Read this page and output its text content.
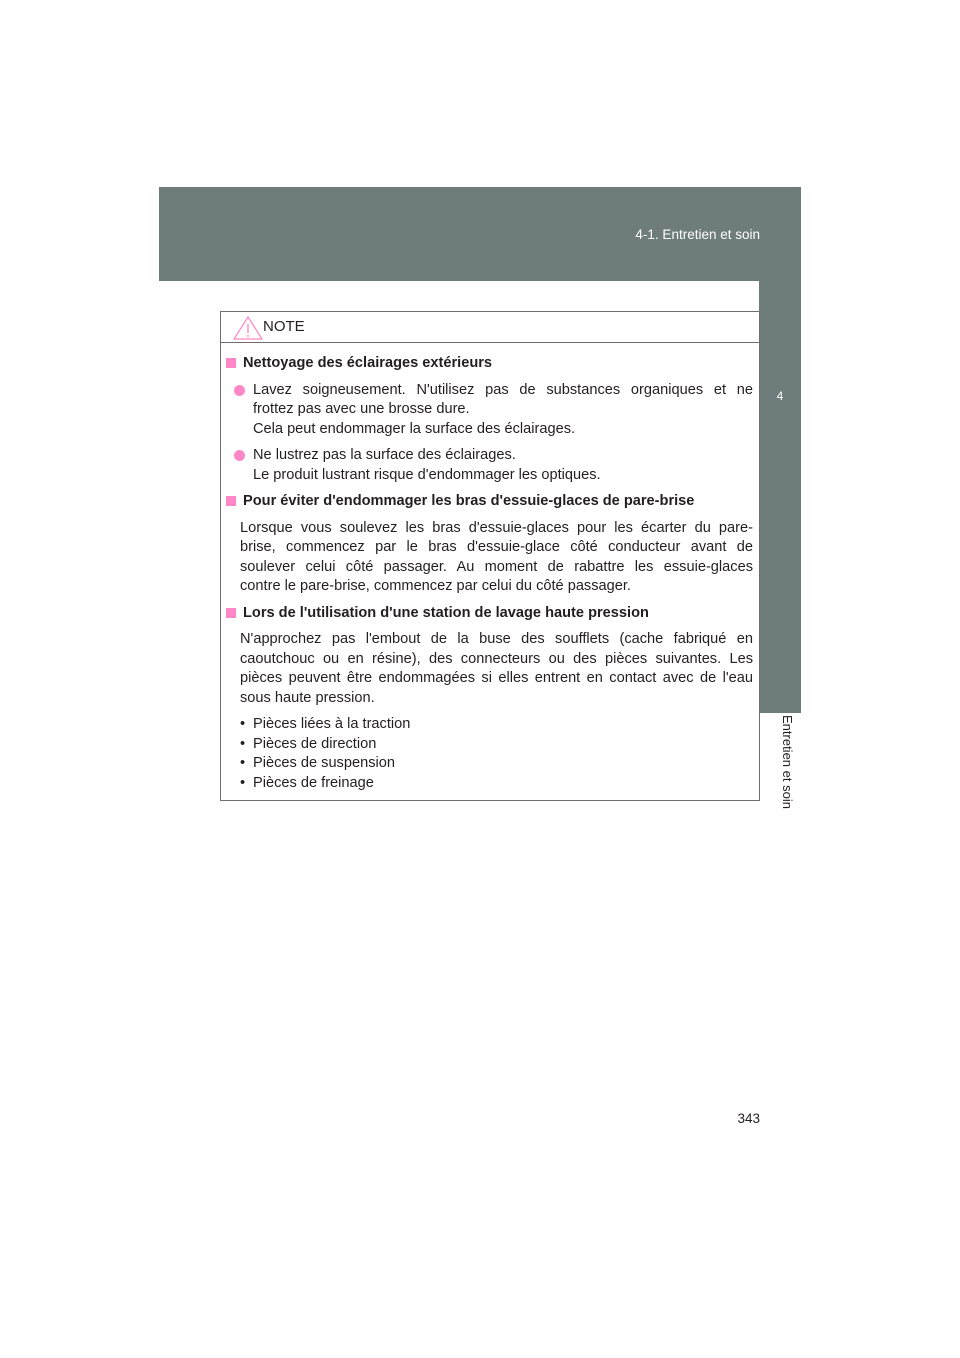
4-1. Entretien et soin
4
Entretien et soin
NOTE
Nettoyage des éclairages extérieurs
Lavez soigneusement. N'utilisez pas de substances organiques et ne
frottez pas avec une brosse dure.
Cela peut endommager la surface des éclairages.
Ne lustrez pas la surface des éclairages.
Le produit lustrant risque d'endommager les optiques.
Pour éviter d'endommager les bras d'essuie-glaces de pare-brise
Lorsque vous soulevez les bras d'essuie-glaces pour les écarter du pare-
brise, commencez par le bras d'essuie-glace côté conducteur avant de
soulever celui côté passager. Au moment de rabattre les essuie-glaces
contre le pare-brise, commencez par celui du côté passager.
Lors de l'utilisation d'une station de lavage haute pression
N'approchez pas l'embout de la buse des soufflets (cache fabriqué en
caoutchouc ou en résine), des connecteurs ou des pièces suivantes. Les
pièces peuvent être endommagées si elles entrent en contact avec de l'eau
sous haute pression.
• Pièces liées à la traction
• Pièces de direction
• Pièces de suspension
• Pièces de freinage
343
